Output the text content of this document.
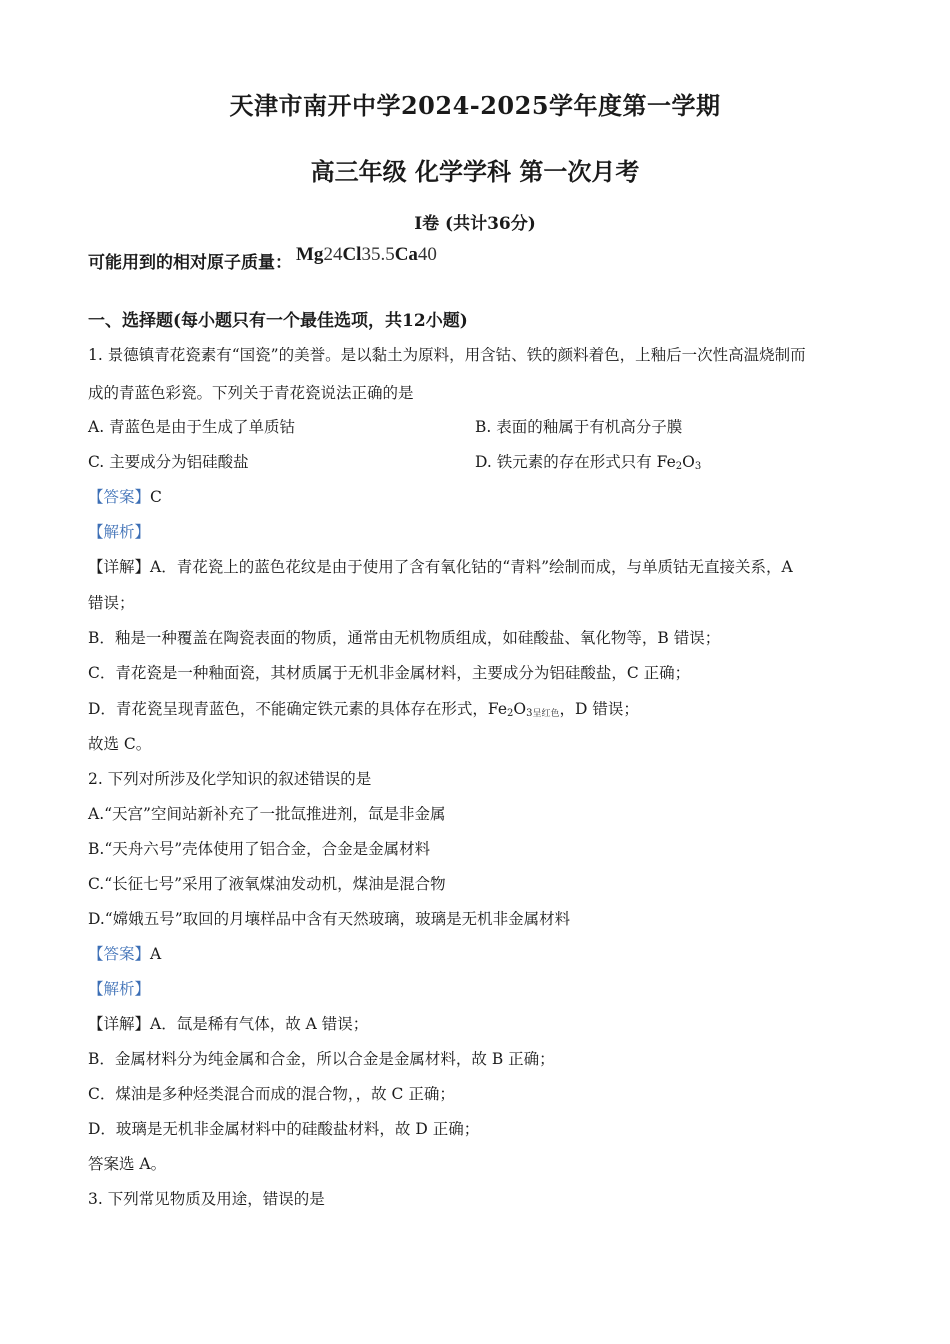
天津市南开中学2024-2025学年度第一学期
高三年级 化学学科 第一次月考
I卷 (共计36分)
可能用到的相对原子质量： Mg24Cl35.5Ca40
一、选择题(每小题只有一个最佳选项，共12小题)
1. 景德镇青花瓷素有“国瓷”的美誉。是以黏土为原料，用含钴、铁的颜料着色，上釉后一次性高温烧制而
成的青蓝色彩瓷。下列关于青花瓷说法正确的是
A. 青蓝色是由于生成了单质钴	B. 表面的釉属于有机高分子膜
C. 主要成分为铝硅酸盐	D. 铁元素的存在形式只有 $Fe_2O_3$
【答案】C
【解析】
【详解】A．青花瓷上的蓝色花纹是由于使用了含有氧化钴的“青料”绘制而成，与单质钴无直接关系，A
错误；
B．釉是一种覆盖在陶瓷表面的物质，通常由无机物质组成，如硅酸盐、氧化物等，B 错误；
C．青花瓷是一种釉面瓷，其材质属于无机非金属材料，主要成分为铝硅酸盐，C 正确；
D．青花瓷呈现青蓝色，不能确定铁元素的具体存在形式，$Fe_2O_3$呈红色，D 错误；
故选 C。
2. 下列对所涉及化学知识的叙述错误的是
A.“天宫”空间站新补充了一批氙推进剂，氙是非金属
B.“天舟六号”壳体使用了铝合金，合金是金属材料
C.“长征七号”采用了液氧煤油发动机，煤油是混合物
D.“嫦娥五号”取回的月壤样品中含有天然玻璃，玻璃是无机非金属材料
【答案】A
【解析】
【详解】A．氙是稀有气体，故 A 错误；
B．金属材料分为纯金属和合金，所以合金是金属材料，故 B 正确；
C．煤油是多种烃类混合而成的混合物，，故 C 正确；
D．玻璃是无机非金属材料中的硅酸盐材料，故 D 正确；
答案选 A。
3. 下列常见物质及用途，错误的是
